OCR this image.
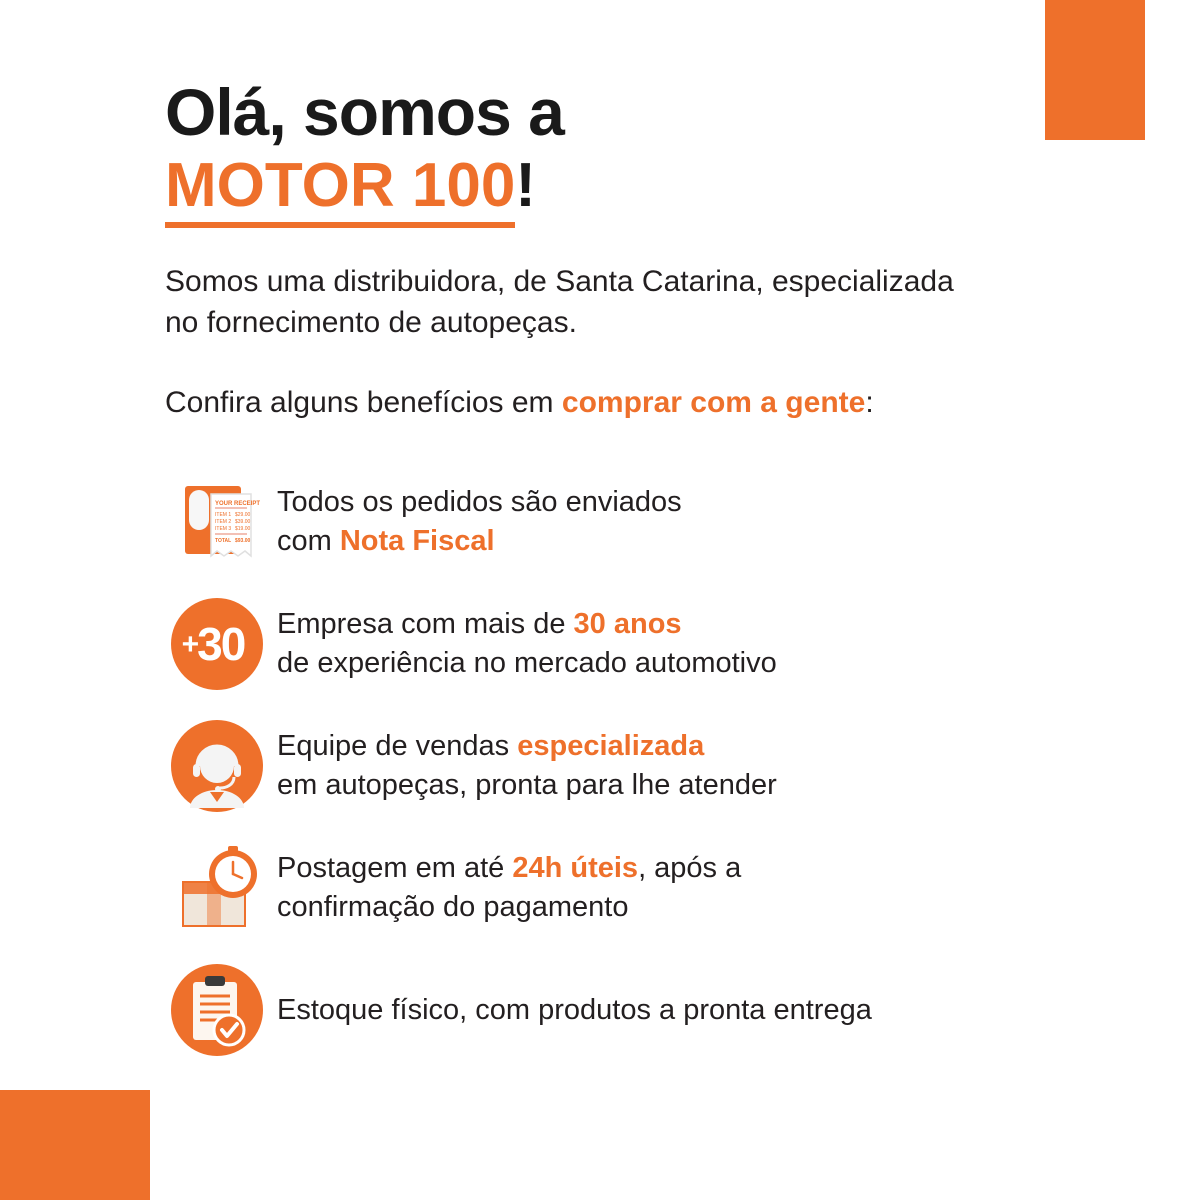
Olá, somos a
MOTOR 100!
Somos uma distribuidora, de Santa Catarina, especializada no fornecimento de autopeças.
Confira alguns benefícios em comprar com a gente:
YOUR RECEIPT
ITEM 1 $29.00
ITEM 2 $39.00
ITEM 3 $19.00
TOTAL $93.00
Todos os pedidos são enviados
com Nota Fiscal
+30 Empresa com mais de 30 anos
de experiência no mercado automotivo
Equipe de vendas especializada
em autopeças, pronta para lhe atender
Postagem em até 24h úteis, após a
confirmação do pagamento
Estoque físico, com produtos a pronta entrega
